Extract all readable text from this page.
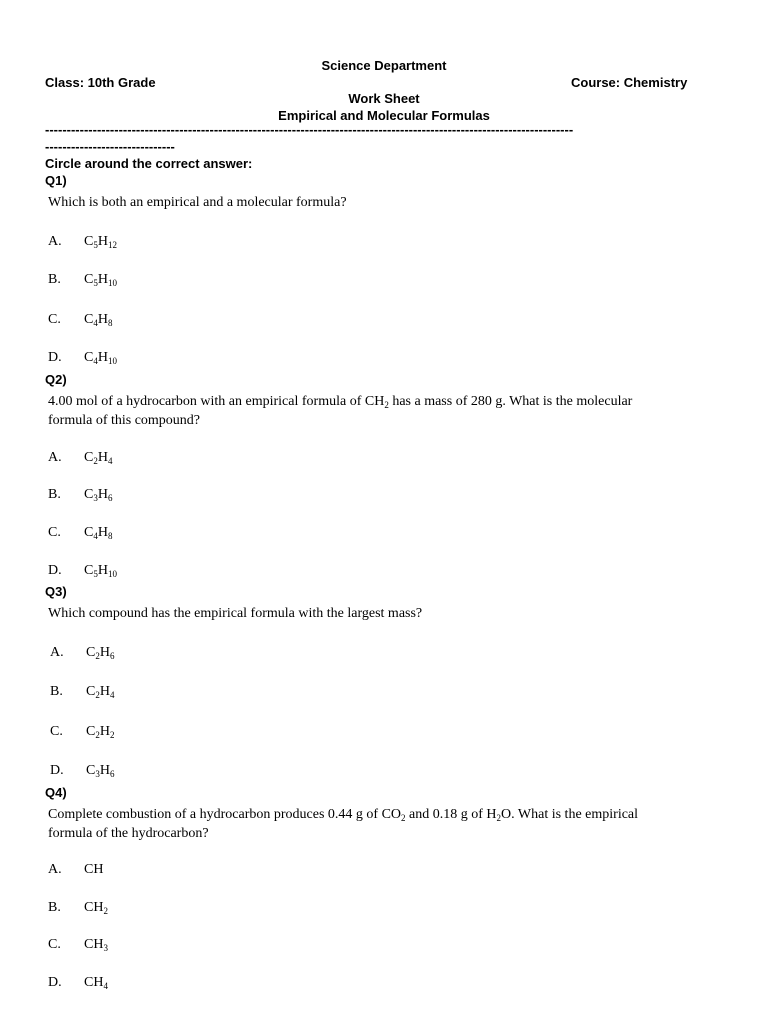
Science Department
Class: 10th Grade	Course: Chemistry
Work Sheet
Empirical and Molecular Formulas
--------------------------------------------------------------------------------------------------------------------------
------------------------------
Circle around the correct answer:
Q1)
Which is both an empirical and a molecular formula?
A. $C_5H_{12}$
B. $C_5H_{10}$
C. $C_4H_8$
D. $C_4H_{10}$
Q2)
4.00 mol of a hydrocarbon with an empirical formula of $CH_2$ has a mass of 280 g. What is the molecular formula of this compound?
A. $C_2H_4$
B. $C_3H_6$
C. $C_4H_8$
D. $C_5H_{10}$
Q3)
Which compound has the empirical formula with the largest mass?
A. $C_2H_6$
B. $C_2H_4$
C. $C_2H_2$
D. $C_3H_6$
Q4)
Complete combustion of a hydrocarbon produces 0.44 g of $CO_2$ and 0.18 g of $H_2O$. What is the empirical formula of the hydrocarbon?
A. CH
B. $CH_2$
C. $CH_3$
D. $CH_4$
